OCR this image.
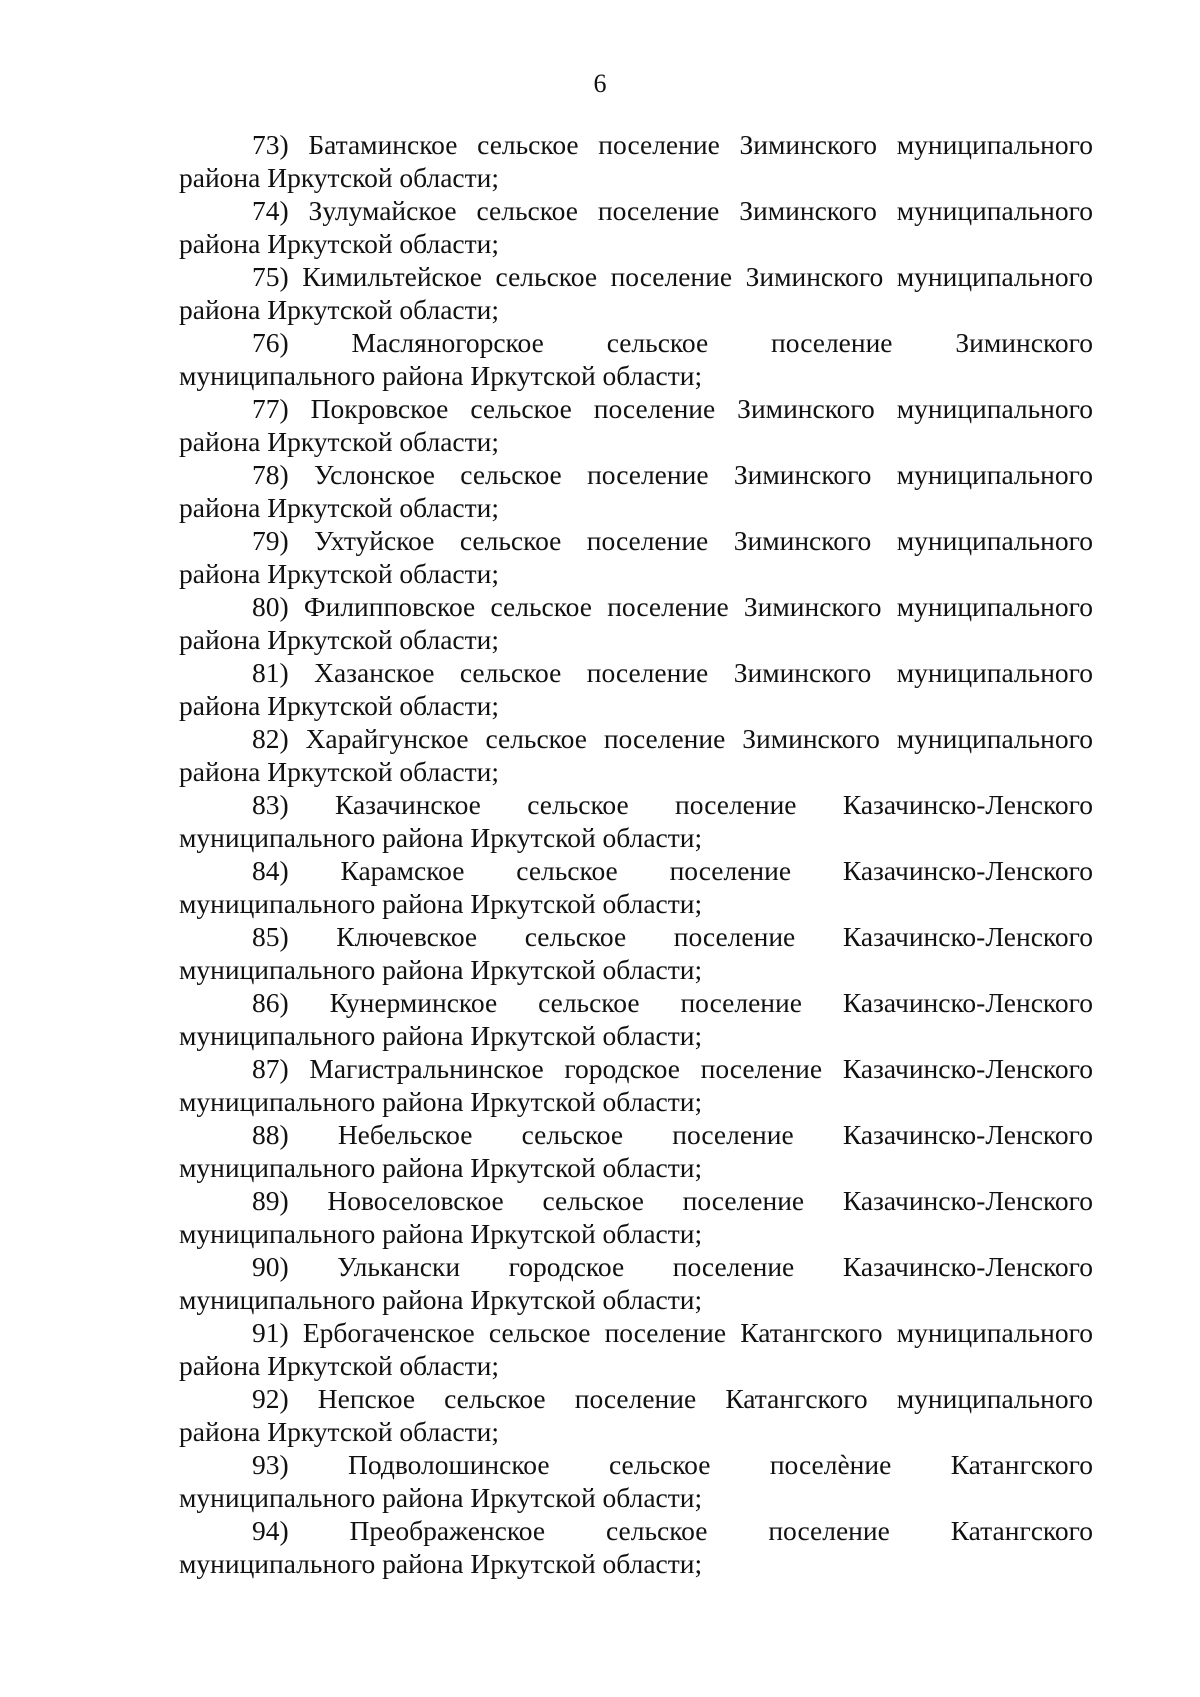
6

73) Батаминское сельское поселение Зиминского муниципального
района Иркутской области;

74) Зулумайское сельское поселение Зиминского муниципального
района Иркутской области;

75) Кимильтейское сельское поселение Зиминского муниципального
района Иркутской области;

76) Масляногорское сельское поселение Зиминского
муниципального района Иркутской области;

77) Покровское сельское поселение Зиминского муниципального
района Иркутской области;

78) Услонское сельское поселение Зиминского муниципального
района Иркутской области;

79) Ухтуйское сельское поселение Зиминского муниципального
района Иркутской области;

80) Филипповское сельское поселение Зиминского муниципального
района Иркутской области;

81) Хазанское сельское поселение Зиминского муниципального
района Иркутской области;

82) Харайгунское сельское поселение Зиминского муниципального
района Иркутской области;

83) Казачинское сельское поселение Казачинско-Ленского
муниципального района Иркутской области;

84) Карамское сельское поселение Казачинско-Ленского
муниципального района Иркутской области;

85) Ключевское сельское поселение Казачинско-Ленского
муниципального района Иркутской области;

86) Кунерминское сельское поселение Казачинско-Ленского
муниципального района Иркутской области;

87) Магистральнинское городское поселение Казачинско-Ленского
муниципального района Иркутской области;

88) Небельское сельское поселение Казачинско-Ленского
муниципального района Иркутской области;

89) Новоселовское сельское поселение Казачинско-Ленского
муниципального района Иркутской области;

90) Улькански городское поселение Казачинско-Ленского
муниципального района Иркутской области;

91) Ербогаченское сельское поселение Катангского муниципального
района Иркутской области;

92) Непское сельское поселение Катангского муниципального
района Иркутской области;

93) Подволошинское сельское поселèние Катангского
муниципального района Иркутской области;

94) Преображенское сельское поселение Катангского
муниципального района Иркутской области;
